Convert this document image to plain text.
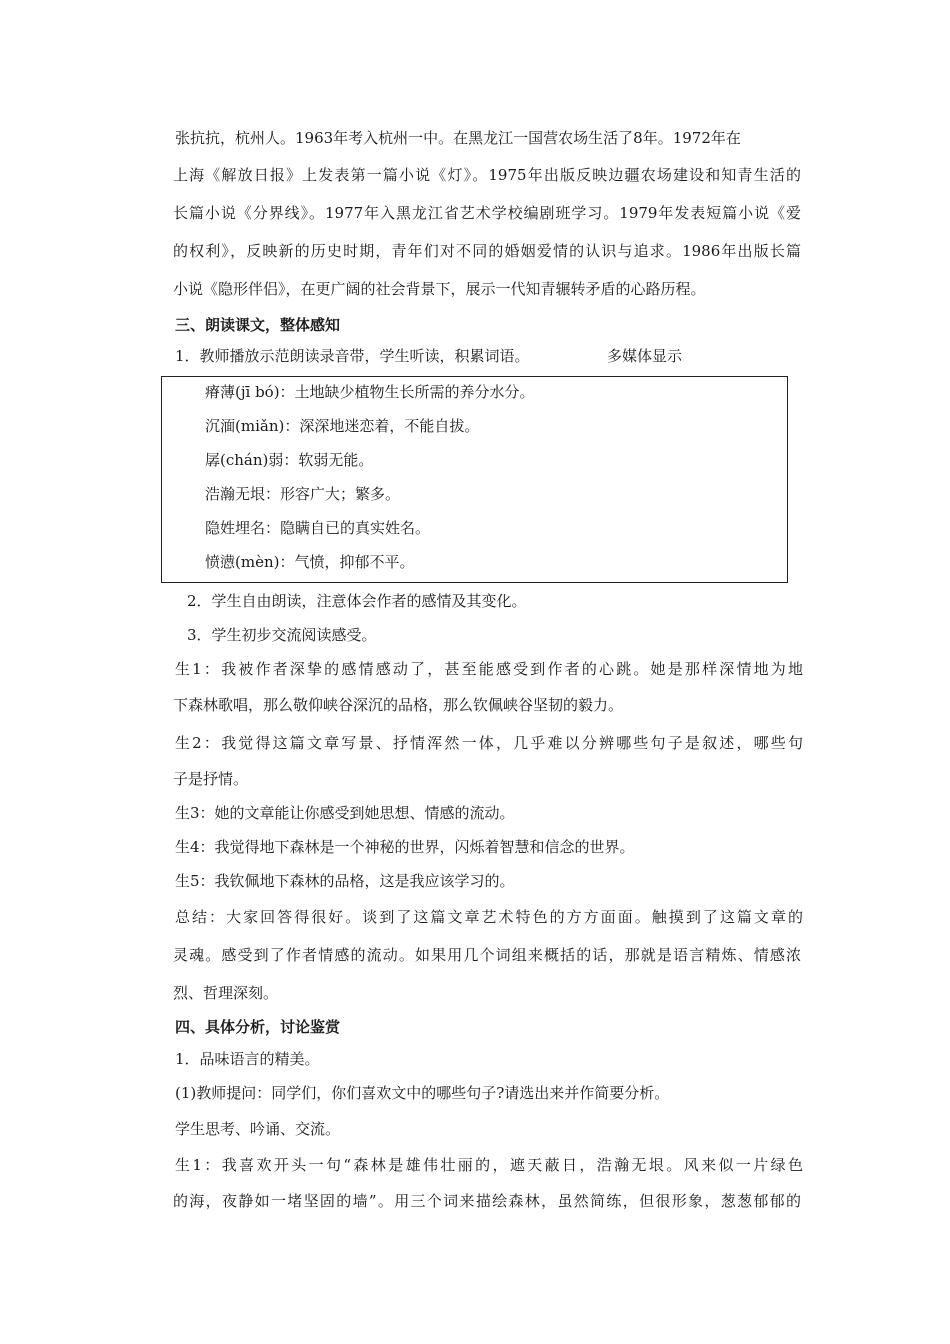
张抗抗，杭州人。1963年考入杭州一中。在黑龙江一国营农场生活了8年。1972年在
上海《解放日报》上发表第一篇小说《灯》。1975年出版反映边疆农场建设和知青生活的
长篇小说《分界线》。1977年入黑龙江省艺术学校编剧班学习。1979年发表短篇小说《爱
的权利》，反映新的历史时期，青年们对不同的婚姻爱情的认识与追求。1986年出版长篇
小说《隐形伴侣》，在更广阔的社会背景下，展示一代知青辗转矛盾的心路历程。
三、朗读课文，整体感知
1．教师播放示范朗读录音带，学生听读，积累词语。	多媒体显示
瘠薄(jī bó)：土地缺少植物生长所需的养分水分。
沉湎(miǎn)：深深地迷恋着，不能自拔。
孱(chán)弱：软弱无能。
浩瀚无垠：形容广大；繁多。
隐姓埋名：隐瞒自已的真实姓名。
愤懑(mèn)：气愤，抑郁不平。
2．学生自由朗读，注意体会作者的感情及其变化。
3．学生初步交流阅读感受。
生1：我被作者深挚的感情感动了，甚至能感受到作者的心跳。她是那样深情地为地
下森林歌唱，那么敬仰峡谷深沉的品格，那么钦佩峡谷坚韧的毅力。
生2：我觉得这篇文章写景、抒情浑然一体，几乎难以分辨哪些句子是叙述，哪些句
子是抒情。
生3：她的文章能让你感受到她思想、情感的流动。
生4：我觉得地下森林是一个神秘的世界，闪烁着智慧和信念的世界。
生5：我钦佩地下森林的品格，这是我应该学习的。
总结：大家回答得很好。谈到了这篇文章艺术特色的方方面面。触摸到了这篇文章的
灵魂。感受到了作者情感的流动。如果用几个词组来概括的话，那就是语言精炼、情感浓
烈、哲理深刻。
四、具体分析，讨论鉴赏
1．品味语言的精美。
(1)教师提问：同学们，你们喜欢文中的哪些句子?请选出来并作简要分析。
学生思考、吟诵、交流。
生1：我喜欢开头一句“森林是雄伟壮丽的，遮天蔽日，浩瀚无垠。风来似一片绿色
的海，夜静如一堵坚固的墙”。用三个词来描绘森林，虽然简练，但很形象，葱葱郁郁的
